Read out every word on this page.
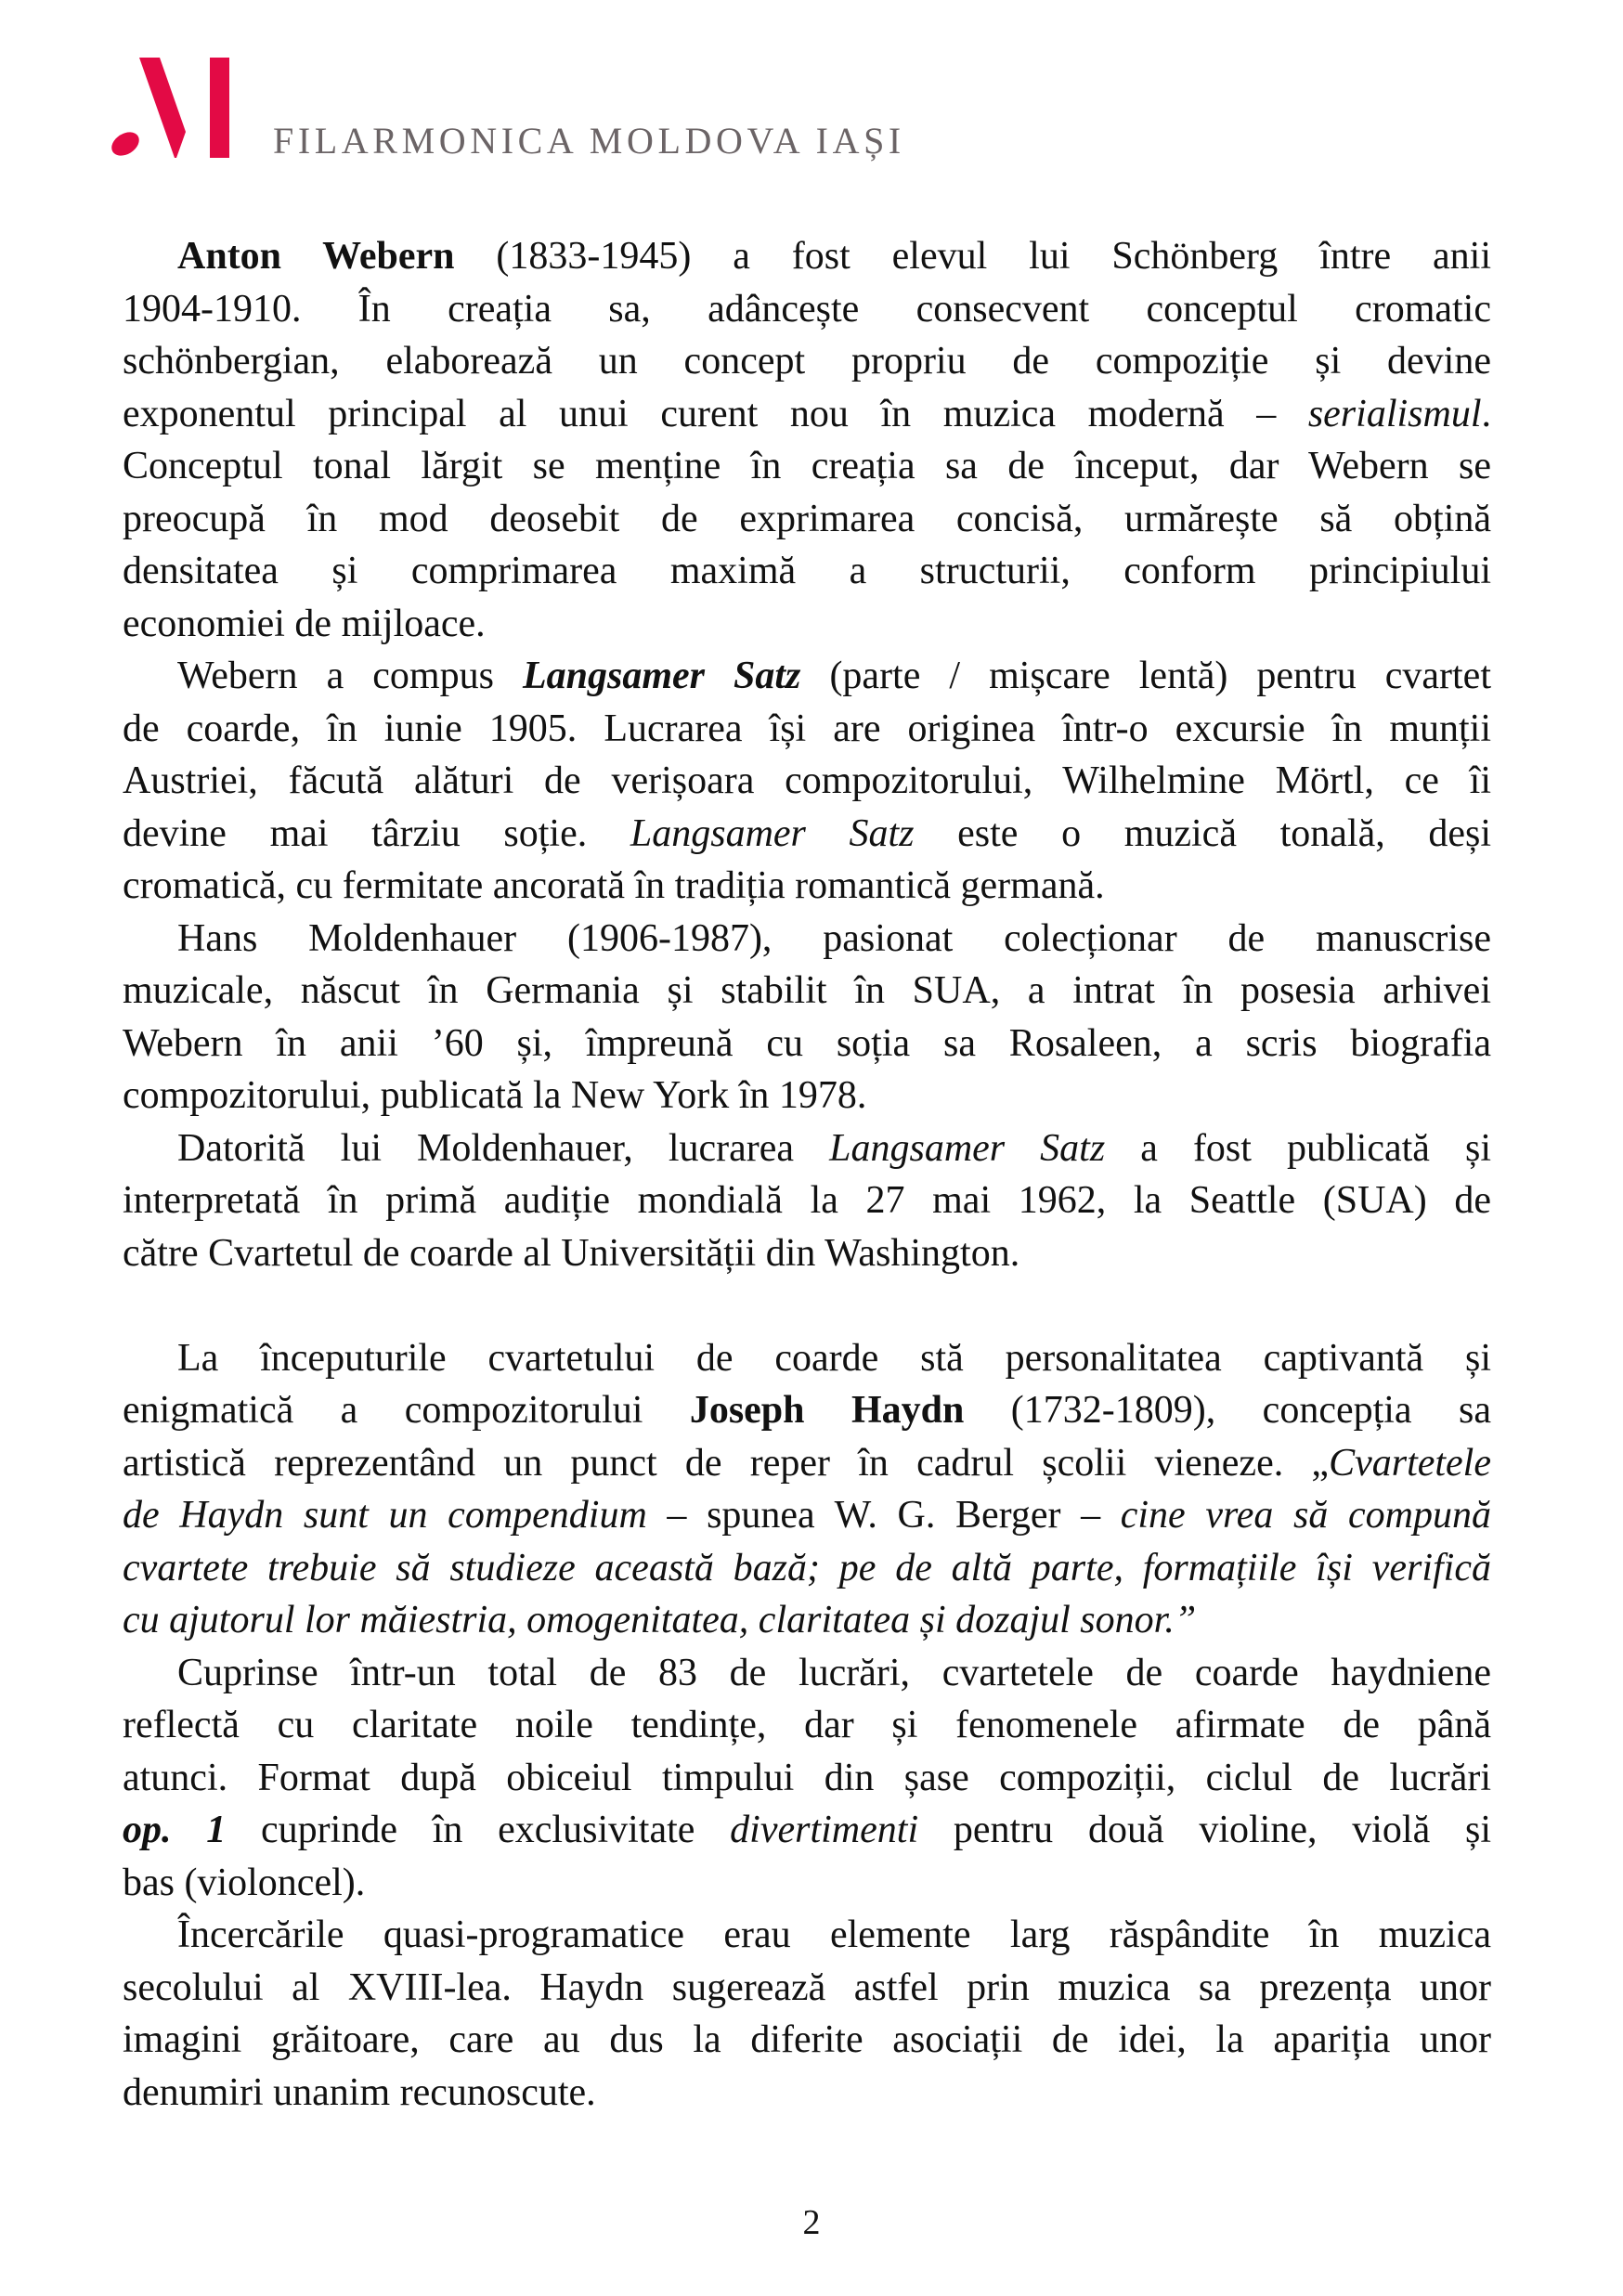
FILARMONICA MOLDOVA IAȘI
Anton Webern (1833-1945) a fost elevul lui Schönberg între anii
1904-1910. În creația sa, adâncește consecvent conceptul cromatic
schönbergian, elaborează un concept propriu de compoziție și devine
exponentul principal al unui curent nou în muzica modernă – serialismul.
Conceptul tonal lărgit se menține în creația sa de început, dar Webern se
preocupă în mod deosebit de exprimarea concisă, urmărește să obțină
densitatea și comprimarea maximă a structurii, conform principiului
economiei de mijloace.
Webern a compus Langsamer Satz (parte / mișcare lentă) pentru cvartet
de coarde, în iunie 1905. Lucrarea își are originea într-o excursie în munții
Austriei, făcută alături de verișoara compozitorului, Wilhelmine Mörtl, ce îi
devine mai târziu soție. Langsamer Satz este o muzică tonală, deși
cromatică, cu fermitate ancorată în tradiția romantică germană.
Hans Moldenhauer (1906-1987), pasionat colecționar de manuscrise
muzicale, născut în Germania și stabilit în SUA, a intrat în posesia arhivei
Webern în anii ’60 și, împreună cu soția sa Rosaleen, a scris biografia
compozitorului, publicată la New York în 1978.
Datorită lui Moldenhauer, lucrarea Langsamer Satz a fost publicată și
interpretată în primă audiție mondială la 27 mai 1962, la Seattle (SUA) de
către Cvartetul de coarde al Universității din Washington.
La începuturile cvartetului de coarde stă personalitatea captivantă și
enigmatică a compozitorului Joseph Haydn (1732-1809), concepția sa
artistică reprezentând un punct de reper în cadrul școlii vieneze. „Cvartetele
de Haydn sunt un compendium – spunea W. G. Berger – cine vrea să compună
cvartete trebuie să studieze această bază; pe de altă parte, formațiile își verifică
cu ajutorul lor măiestria, omogenitatea, claritatea și dozajul sonor.”
Cuprinse într-un total de 83 de lucrări, cvartetele de coarde haydniene
reflectă cu claritate noile tendințe, dar și fenomenele afirmate de până
atunci. Format după obiceiul timpului din șase compoziții, ciclul de lucrări
op. 1 cuprinde în exclusivitate divertimenti pentru două violine, violă și
bas (violoncel).
Încercările quasi-programatice erau elemente larg răspândite în muzica
secolului al XVIII-lea. Haydn sugerează astfel prin muzica sa prezența unor
imagini grăitoare, care au dus la diferite asociații de idei, la apariția unor
denumiri unanim recunoscute.
2
